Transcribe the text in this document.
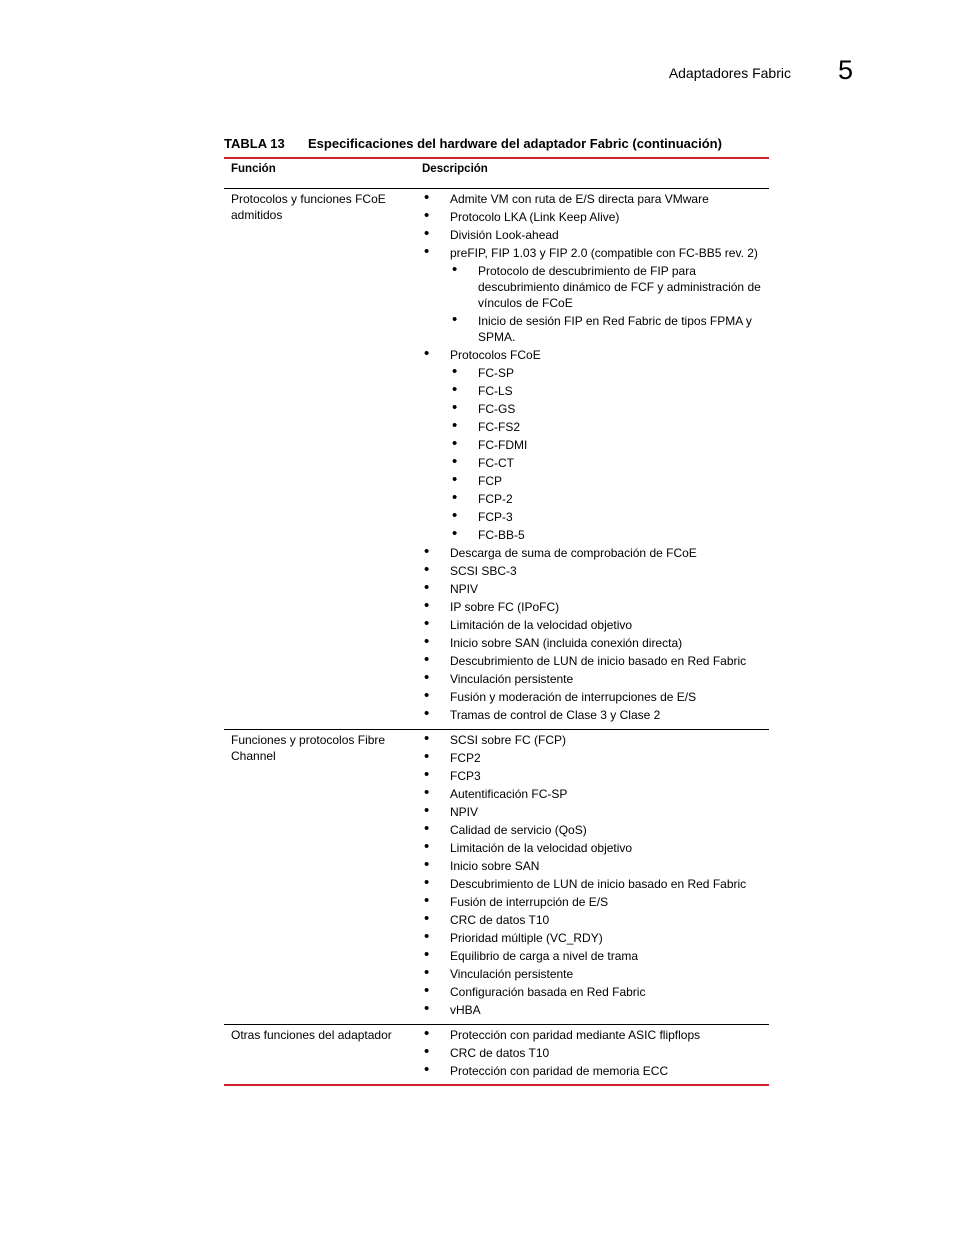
Adaptadores Fabric 5
TABLA 13 Especificaciones del hardware del adaptador Fabric (continuación)
Función	Descripción
Protocolos y funciones FCoE admitidos
• Admite VM con ruta de E/S directa para VMware
• Protocolo LKA (Link Keep Alive)
• División Look-ahead
• preFIP, FIP 1.03 y FIP 2.0 (compatible con FC-BB5 rev. 2)
• Protocolo de descubrimiento de FIP para descubrimiento dinámico de FCF y administración de vínculos de FCoE
• Inicio de sesión FIP en Red Fabric de tipos FPMA y SPMA.
• Protocolos FCoE
• FC-SP
• FC-LS
• FC-GS
• FC-FS2
• FC-FDMI
• FC-CT
• FCP
• FCP-2
• FCP-3
• FC-BB-5
• Descarga de suma de comprobación de FCoE
• SCSI SBC-3
• NPIV
• IP sobre FC (IPoFC)
• Limitación de la velocidad objetivo
• Inicio sobre SAN (incluida conexión directa)
• Descubrimiento de LUN de inicio basado en Red Fabric
• Vinculación persistente
• Fusión y moderación de interrupciones de E/S
• Tramas de control de Clase 3 y Clase 2
Funciones y protocolos Fibre Channel
• SCSI sobre FC (FCP)
• FCP2
• FCP3
• Autentificación FC-SP
• NPIV
• Calidad de servicio (QoS)
• Limitación de la velocidad objetivo
• Inicio sobre SAN
• Descubrimiento de LUN de inicio basado en Red Fabric
• Fusión de interrupción de E/S
• CRC de datos T10
• Prioridad múltiple (VC_RDY)
• Equilibrio de carga a nivel de trama
• Vinculación persistente
• Configuración basada en Red Fabric
• vHBA
Otras funciones del adaptador	• Protección con paridad mediante ASIC flipflops
• CRC de datos T10
• Protección con paridad de memoria ECC
